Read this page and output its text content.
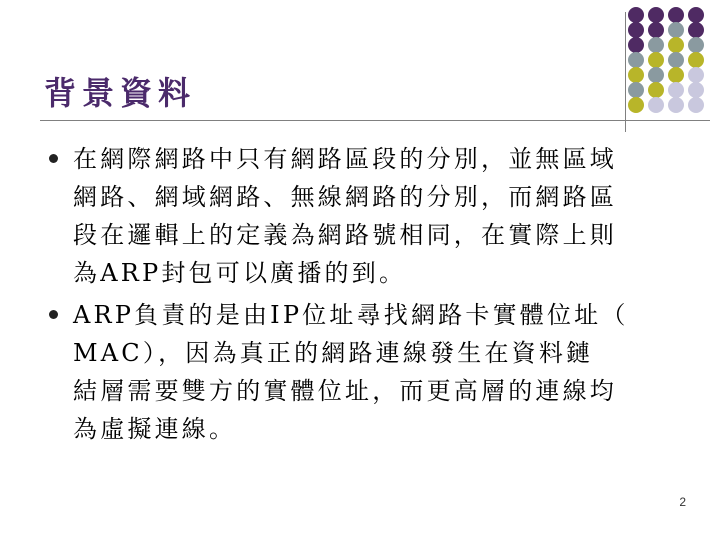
背景資料
在網際網路中只有網路區段的分別，並無區域
網路、網域網路、無線網路的分別，而網路區
段在邏輯上的定義為網路號相同，在實際上則
為ARP封包可以廣播的到。
ARP負責的是由IP位址尋找網路卡實體位址（
MAC），因為真正的網路連線發生在資料鏈
結層需要雙方的實體位址，而更高層的連線均
為虛擬連線。
2
